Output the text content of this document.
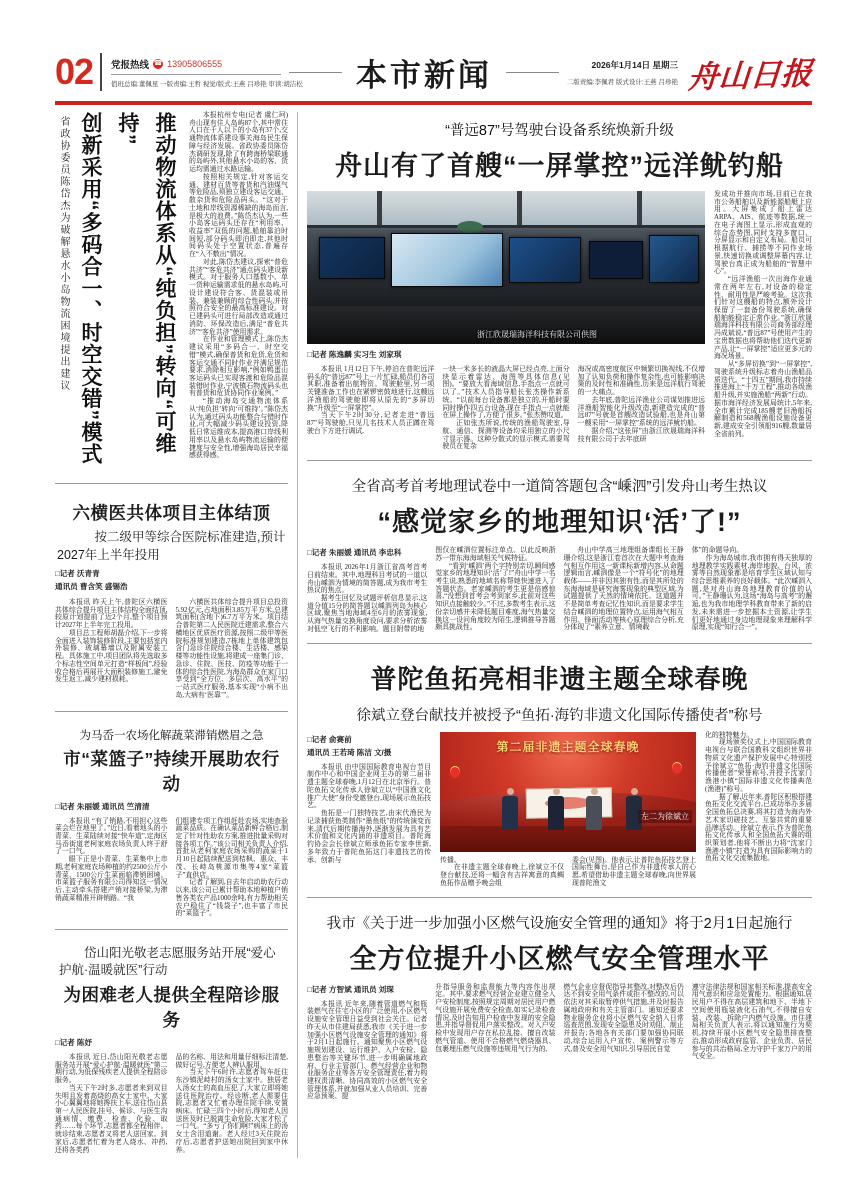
02 党报热线 ☎ 13905806555
值班总编:董佩星 一版责编:王哲 视觉/版式:王燕 吕珍艳 审读:胡洁松 本市新闻	2026年1月14日 星期三
二版责编:李佩君 版式设计:王燕 吕珍艳 舟山日报
推动物流体系从“纯负担”转向“可维持”
创新采用“多码合一、时空交错”模式
省政协委员陈岱杰为破解悬水小岛物流困境提出建议

本报杭州专电(记者 虞仁珂)舟山现有住人岛屿87个,其中常住人口在千人以下的小岛有37个,交通物流体系建设事关海岛民生保障与经济发展。省政协委员陈岱杰调研发现,除了有跨海桥梁联通的岛屿外,其他悬水小岛的客、货运均需通过水路运输。

按照相关规定,针对客运交通、建材百货等普货和汽油煤气等危险品,须独立建设客运交通、散杂货和危险品码头。“这对于土地和岸线资源稀缺的海岛而言,是极大的浪费。”陈岱杰认为,一些小岛客运码头还存在“利用率、收益率”双低的问题,船舶靠泊时间短,部分码头即泊即走,其他时间码头处于空置状态,普遍存在“入不敷出”情况。

对此,陈岱杰建议,探索“普危共济”“客危共济”通点码头建设新模式。对于服务人口基数小、单一货种运输需求低的悬水岛屿,可设计建设符合客、货混装或吊装、兼装兼顾的综合性码头,并按照符合安全的最高标准建设。对已建码头可进行局部改造或通过消防、环保改造后,满足“普危共济”“客危共济”使用需求。

在作业和管理模式上,陈岱杰建议采用“多码合一、时空交错”模式,确保普货和危货,危货和客运交通不同时作业并满足规范要求,消除相互影响,“例如鸭蛋山客运码头已实现客渡和危险品混装错时作业,宁波镇石物流码头也有普货和危货协同作业案例。”

“推动海岛交通物流体系从‘纯负担’转向‘可维持’。”陈岱杰认为,通过码头功能整合与错时作业,可大幅减少码头建设投资,降低日常运维成本,提高港口岸线利用率以及悬水岛屿物流运输的便捷度与安全性,增强海岛居民幸福感获得感。

六横医共体项目主体结顶
按二级甲等综合医院标准建造,预计2027年上半年投用
□记者 沃青青
通讯员 曹含笑 盛锡浩

本报讯 昨天上午,普陀区六横医共体综合提升项目主体结构全面结顶,较原计划提前了近2个月,整个项目预计2027年上半年完工投用。

项目总工程师胡磊介绍,下一步将全面进入装饰装修阶段,主要包括室内外装修、玻璃幕墙以及附属安装工程。具体施工中,项目团队将先选取多个标志性空间单元打造“样板间”,经验收合格后再展开大面积装修施工,避免发生返工,减少建材损耗。

六横医共体综合提升项目总投资5.92亿元,占地面积3.85万平方米,总建筑面积(含地下)6.7万平方米。项目结合普陀第二人民医院迁建需求,整合六横地区优质医疗资源,按照二级甲等医院标准规划建造,7栋地上单体建筑包含门急诊住院综合楼、生活楼、感染楼等功能性设施,将建成一座集门诊、急诊、住院、医技、防疫等功能于一体的综合性医院,为海岛群众在家门口享受到“全方位、多层次、高水平”的一站式医疗服务,基本实现“小病不出岛,大病有‘医靠’”。

为马岙一农场化解蔬菜滞销燃眉之急
市“菜篮子”持续开展助农行动
□记者 朱丽媛 通讯员 竺清清

本报讯 “有了销路,不用担心这些菜会烂在地里了。”近日,看着地头的小青菜、生菜陆续对接“快车道”,定海区马岙街道老柯家庭农场负责人终于舒了一口气。

眼下正是小青菜、生菜集中上市期,老柯家庭农场种植的约2500公斤小青菜、1500公斤生菜面临滞销困境。市菜篮子服务有限公司得知这一情况后,主动牵头搭建产销对接桥梁,为滞销蔬菜精准开辟销路。“我

们组建专项工作组赶赴农场,实地查验蔬菜品质。在确认菜品新鲜合格后,制定了针对性助农方案,推进批量采购对接各项工作。”该公司相关负责人介绍,首批从老柯家庭农场采购的蔬菜于1月10日起陆续配送到桔枫、惠众、丰茂、长峙岛桃源市集等4家“菜篮子”直供店。

记者了解到,自去年启动助农行动以来,该公司已累计帮助本地种植户销售各类农产品1000余吨,有力帮助相关农户稳住了“钱袋子”,也丰富了市民的“菜篮子”。

岱山阳光敬老志愿服务站开展“爱心护航·温暖就医”行动
为困难老人提供全程陪诊服务
□记者 陈妤

本报讯 近日,岱山阳光敬老志愿服务站开展“爱心护航·温暖就医”第二期行动,为低保残疾老人提供全程陪诊服务。

当天下午2时多,志愿者来到双目失明且发着高烧的高女士家中。大家小心翼翼地将她搀扶上车,送往岱山县第一人民医院,挂号、候诊、与医生沟通病情、缴费、检查、化验、取药……每个环节,志愿者都全程相伴。就诊结束,志愿者又将老人送回家。到家后,志愿者忙着为老人烧水、冲药,还将各类药

品的名称、用法和用量仔细标注清楚,做好记号,方便老人辨认服用。

当天下午6时许,志愿者驾车赶往东沙镇泥峙村的汤女士家中。独居老人汤女士的高血压犯了,大家立即将她送往医院治疗。经诊断,老人需要住院,志愿者又忙着办理住院手续,安置病床。忙碌三四个小时后,得知老人因送医及时已脱离生命危险,大家才松了一口气。“多亏了你们啊!”病床上的汤女士含泪道谢。老人经过3天住院治疗后,志愿者护送她出院回到家中休养。

“普远87”号驾驶台设备系统焕新升级
舟山有了首艘“一屏掌控”远洋鱿钓船
浙江欣晟瑞海洋科技有限公司供图
□记者 陈逸麟 实习生 刘家琪

本报讯 1月12日下午,停泊在普陀远洋码头的“普远87”号上一片忙碌,船员们各司其职,准备着出航物资。驾驶舱里,另一项关键准备工作也在紧锣密鼓地进行,这艘远洋渔船的驾驶舱即将从原先的“多屏切换”升级至“一屏掌控”。

当天下午2时30分,记者走进“普远87”号驾驶舱,只见几名技术人员正蹲在驾驶台下方进行调试,

一块一米多长的液晶大屏已经点亮,上面分块显示着雷达、海图等具体信息(见图)。“要放大看海域信息,手指点一点就可以了。”技术人员指导船长张杰操作新系统。“以前每台设备都是独立的,开船时要同时操作四五台设备,现在手指点一点就能在屏上操作了,方便了很多。”张杰赞叹道。

正如张杰所说,传统的渔船驾驶室,导航、通信、探测等设备均采用独立的小尺寸显示器。这种分散式的显示模式,需要驾驶员在复杂

海况或高密度航区中频繁切换视线,不仅增加了认知负荷和操作复杂性,也可能影响决策的及时性和准确性,历来是远洋航行驾驶的一大痛点。

去年底,普陀远洋渔业公司谋划推进远洋渔船智能化升级改造,新建造完成的“普远87”号就是首艘改造试验船,也是舟山第一艘采用“一屏掌控”系统的远洋鱿钓船。

据介绍,“这张屏”由浙江欣晟瑞海洋科技有限公司于去年底研

发成功并推向市场,目前已在我市公务船舶以及新能源船艇上应用。大屏集成了船上雷达ARPA、AIS、航迹等数据,统一在电子海图上显示,形成直观的综合态势图,同时支持多窗口、分屏显示和自定义布局。船员可根据航行、捕捞等不同作业场景,快速切换或调整屏幕内容,让驾驶台真正成为船舶的“智慧中心”。

“远洋渔船一次出海作业通常在两年左右,对设备的稳定性、耐用性是严峻考验。这次我们针对这艘船的特点,额外设计保留了一套备份驾驶系统,确保船舶能稳定正常作业。”浙江欣晟瑞海洋科技有限公司商务部经理冯成斌说,“普远87”号使用产生的宝贵数据也将帮助他们迭代更新产品,让“一屏掌控”适应更多元的海况场景。

从“多屏切换”到“一屏掌控”,驾驶系统升级标志着舟山渔船品质迭代。“十四五”期间,我市持续推进海上“千万工程”,推动各级渔船升级,并实施渔船“两新”行动。据市海洋经济发展局统计,5年来,全市累计完成185艘老旧渔船拆解制造和568艘渔船设施设备更新,建成安全引领船916艘,数量居全省前列。

全省高考首考地理试卷中一道简答题包含“嵊泗”引发舟山考生热议
“感觉家乡的地理知识‘活’了!”
□记者 朱丽媛 通讯员 李忠科

本报讯 2026年1月浙江省高考首考日前结束。其中,地理科目考试的一道以舟山嵊泗为情境的简答题,成为我市考生热议的焦点。

据考生回忆及试题评析信息显示,这道分值15分的简答题以嵊泗列岛为核心区域,聚焦当地海域4至6月的浓雾现象,从海气热量交换角度设问,要求分析浓雾对低空飞行的不利影响。题目附带的地

图仅在嵊泗位置标注单点、以此反映浙苏一带东海海域相关气候特征。

“看到‘嵊泗’两个字特别亲切,瞬间感觉家乡的地理知识‘活’了!”舟山中学一名考生说,熟悉的地域名称帮她快速进入了答题状态。老家嵊泗的考生更是倍感惊喜,“没想到首考会考到家乡,此前对这些知识点接触较少。”不过,多数考生表示,这份亲切感并未降低题目难度,海气热量交换这一设问角度较为陌生,逻辑推导答题颇具挑战性。

舟山中学高三地理组备课组长王静珊介绍,这是浙江卷首次在大题中考查海气相互作用这一新课标新增内容,从命题逻辑而言,嵊泗像是一个“符号化”的地理载体——并非因其独有性,而是其所处的东海海域是研究海雾现象的典型区域,为试题提供了天然的情境依托。这道题并不是简单考查记忆性知识,而是要求学生结合嵊泗的地理位置特点,运用海气相互作用、锋面活动等核心原理综合分析,充分体现了“素养立意、情境载

体”的命题导向。

作为海岛城市,我市拥有得天独厚的地理教学实践素材,海岸地貌、台风、浓雾等自然现象都是培育学生区域认知与综合思维素养的良好载体。“此次嵊泗入题,是对舟山海岛地理教育价值的认可。”王静珊认为,这场“海岛与高考”的邂逅,也为我市地理学科教育带来了新的启发,未来需进一步挖掘本土资源,让学生们更好地通过身边地理现象来理解科学原理,实现“知行合一”。

普陀鱼拓亮相非遗主题全球春晚
徐斌立登台献技并被授予“鱼拓·海钓非遗文化国际传播使者”称号
□记者 俞赛前
通讯员 王若琦 陈洁 文/摄

本报讯 由中国国际教育电视台节目制作中心和中国企业网主办的第二届非遗主题全球春晚,1月12日在北京举行。普陀鱼拓文化传承人徐斌立以“中国渔文化推广大使”身份受邀登台,现场展示鱼拓技艺。

鱼拓是一门独特技艺,由宋代渔民为记录捕获鱼类制作“墨鱼纸”的传统演变而来,清代后期传播海外,逐渐发展为具有艺术价值和文化内涵的非遗项目。普陀海钓协会会长徐斌立师承鱼拓专家李世新,多年致力于普陀鱼拓这门非遗技艺的传承、创新与

第二届非遗主题全球春晚
左二为徐斌立

传播。

在非遗主题全球春晚上,徐斌立不仅登台献技,还将一幅含有吉祥寓意的真鲷鱼拓作品赠予晚会组

委会(见图)。他表示,让普陀鱼拓技艺登上国际性舞台,是自己作为非遗传承人的心愿,希望借助非遗主题全球春晚,向世界展现普陀渔文

化的独特魅力。

现场颁奖仪式上,中国国际教育电视台与联合国教科文组织世界非物质文化遗产保护发展中心特别授予徐斌立“鱼拓·海钓非遗文化国际传播使者”荣誉称号,并授予沈家门渔港小镇“国际非遗文化传播典范(渔港)”称号。

据了解,近年来,普陀区积极搭建鱼拓文化交流平台,已成功举办多届全国鱼拓总决赛,将其打造为海内外艺术家切磋技艺、互鉴共赏的重要品牌活动。徐斌立表示,作为普陀鱼拓文化传承人和全国鱼拓大赛的组织策划者,他将不断出力将“沈家门渔港小镇”打造为具有国际影响力的鱼拓文化交流集散地。

我市《关于进一步加强小区燃气设施安全管理的通知》将于2月1日起施行
全方位提升小区燃气安全管理水平
□记者 方智斌 通讯员 刘琛

本报讯 近年来,随着管道燃气和瓶装燃气在住宅小区的广泛使用,小区燃气设施安全管理日益受到社会关注。记者昨天从市住建局获悉,我市《关于进一步加强小区燃气设施安全管理的通知》将于2月1日起施行。通知聚焦小区燃气设施规划建设、运行维护、入户安检、隐患整治等关键环节,进一步明确属地政府、行业主管部门、燃气经营企业和物业服务企业等各方安全管理责任,着力构建权责清晰、协同高效的小区燃气安全管理体系,并就加强从业人员培训、完善应急预案、提

升指导服务和监督能力等内容作出规定。其中,要求燃气经营企业建立健全入户安检制度,按照规定周期对居民用户燃气设施开展免费安全检查,如实记录检查情况,及时告知用户检查中发现的安全隐患,并指导督促用户落实整改。对入户安检中发现用户存在私拉乱接、擅自改装燃气管道、使用不合格燃气燃烧器具、包裹埋压燃气设施等违规用气行为的,

燃气企业应督促指导其整改,对整改后仍达不到安全用气条件或拒不整改的,可以依法对其采取暂停供气措施,并及时报告属地政府和有关主管部门。通知还要求物业服务企业将小区燃气安全纳入日常巡查范围,发现安全隐患及时劝阻、制止并报告;各地各有关部门要加强协同联动,综合运用入户宣传、案例警示等方式,普及安全用气知识,引导居民自觉

遵守法律法规和国家相关标准,提高安全用气意识和应急处置能力。根据通知,居民用户不得在高层建筑和地下、半地下空间使用瓶装液化石油气,不得擅自安装、改装、拆除户内燃气设施。市住建局相关负责人表示,将以通知施行为契机,持续开展小区燃气安全隐患排查整治,推动形成政府监管、企业负责、居民参与的共治格局,全力守护千家万户的用气安全。
